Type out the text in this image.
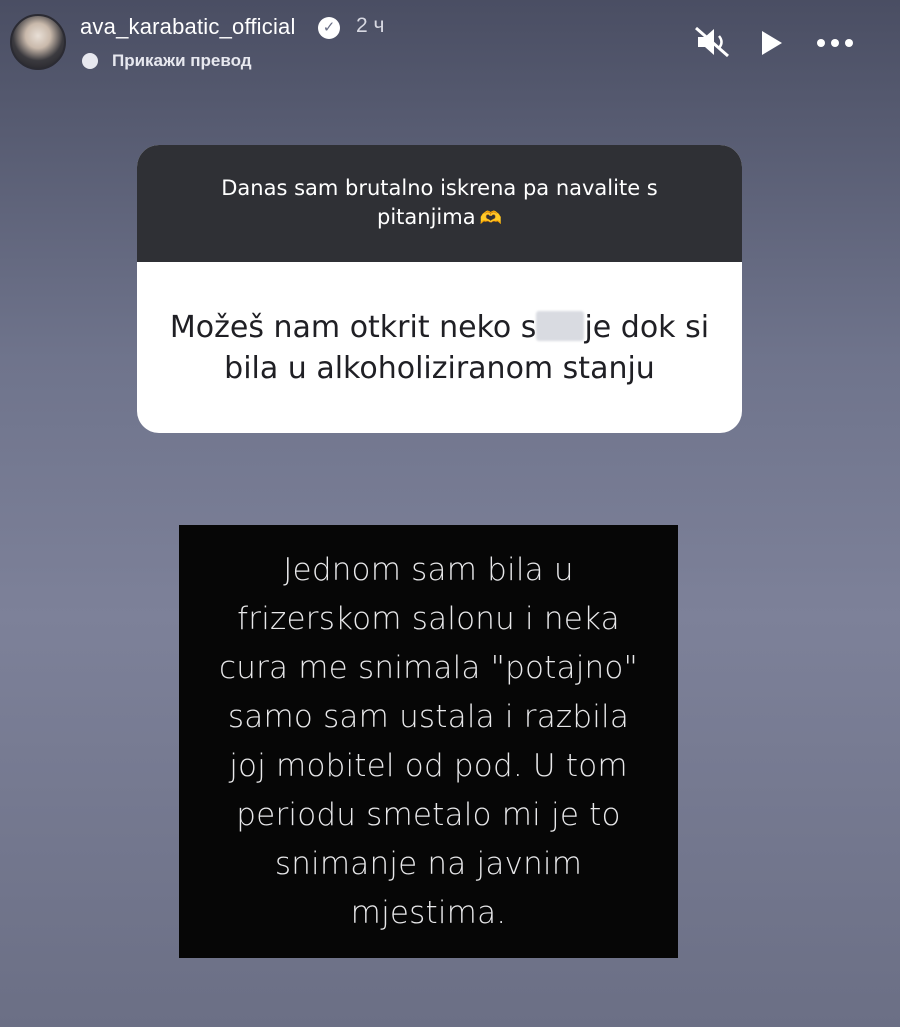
ava_karabatic_official	✓ 2 ч
Прикажи превод
Danas sam brutalno iskrena pa navalite s pitanjima 🫶
Možeš nam otkrit neko s je dok si bila u alkoholiziranom stanju
Jednom sam bila u frizerskom salonu i neka cura me snimala "potajno" samo sam ustala i razbila joj mobitel od pod. U tom periodu smetalo mi je to snimanje na javnim mjestima.
